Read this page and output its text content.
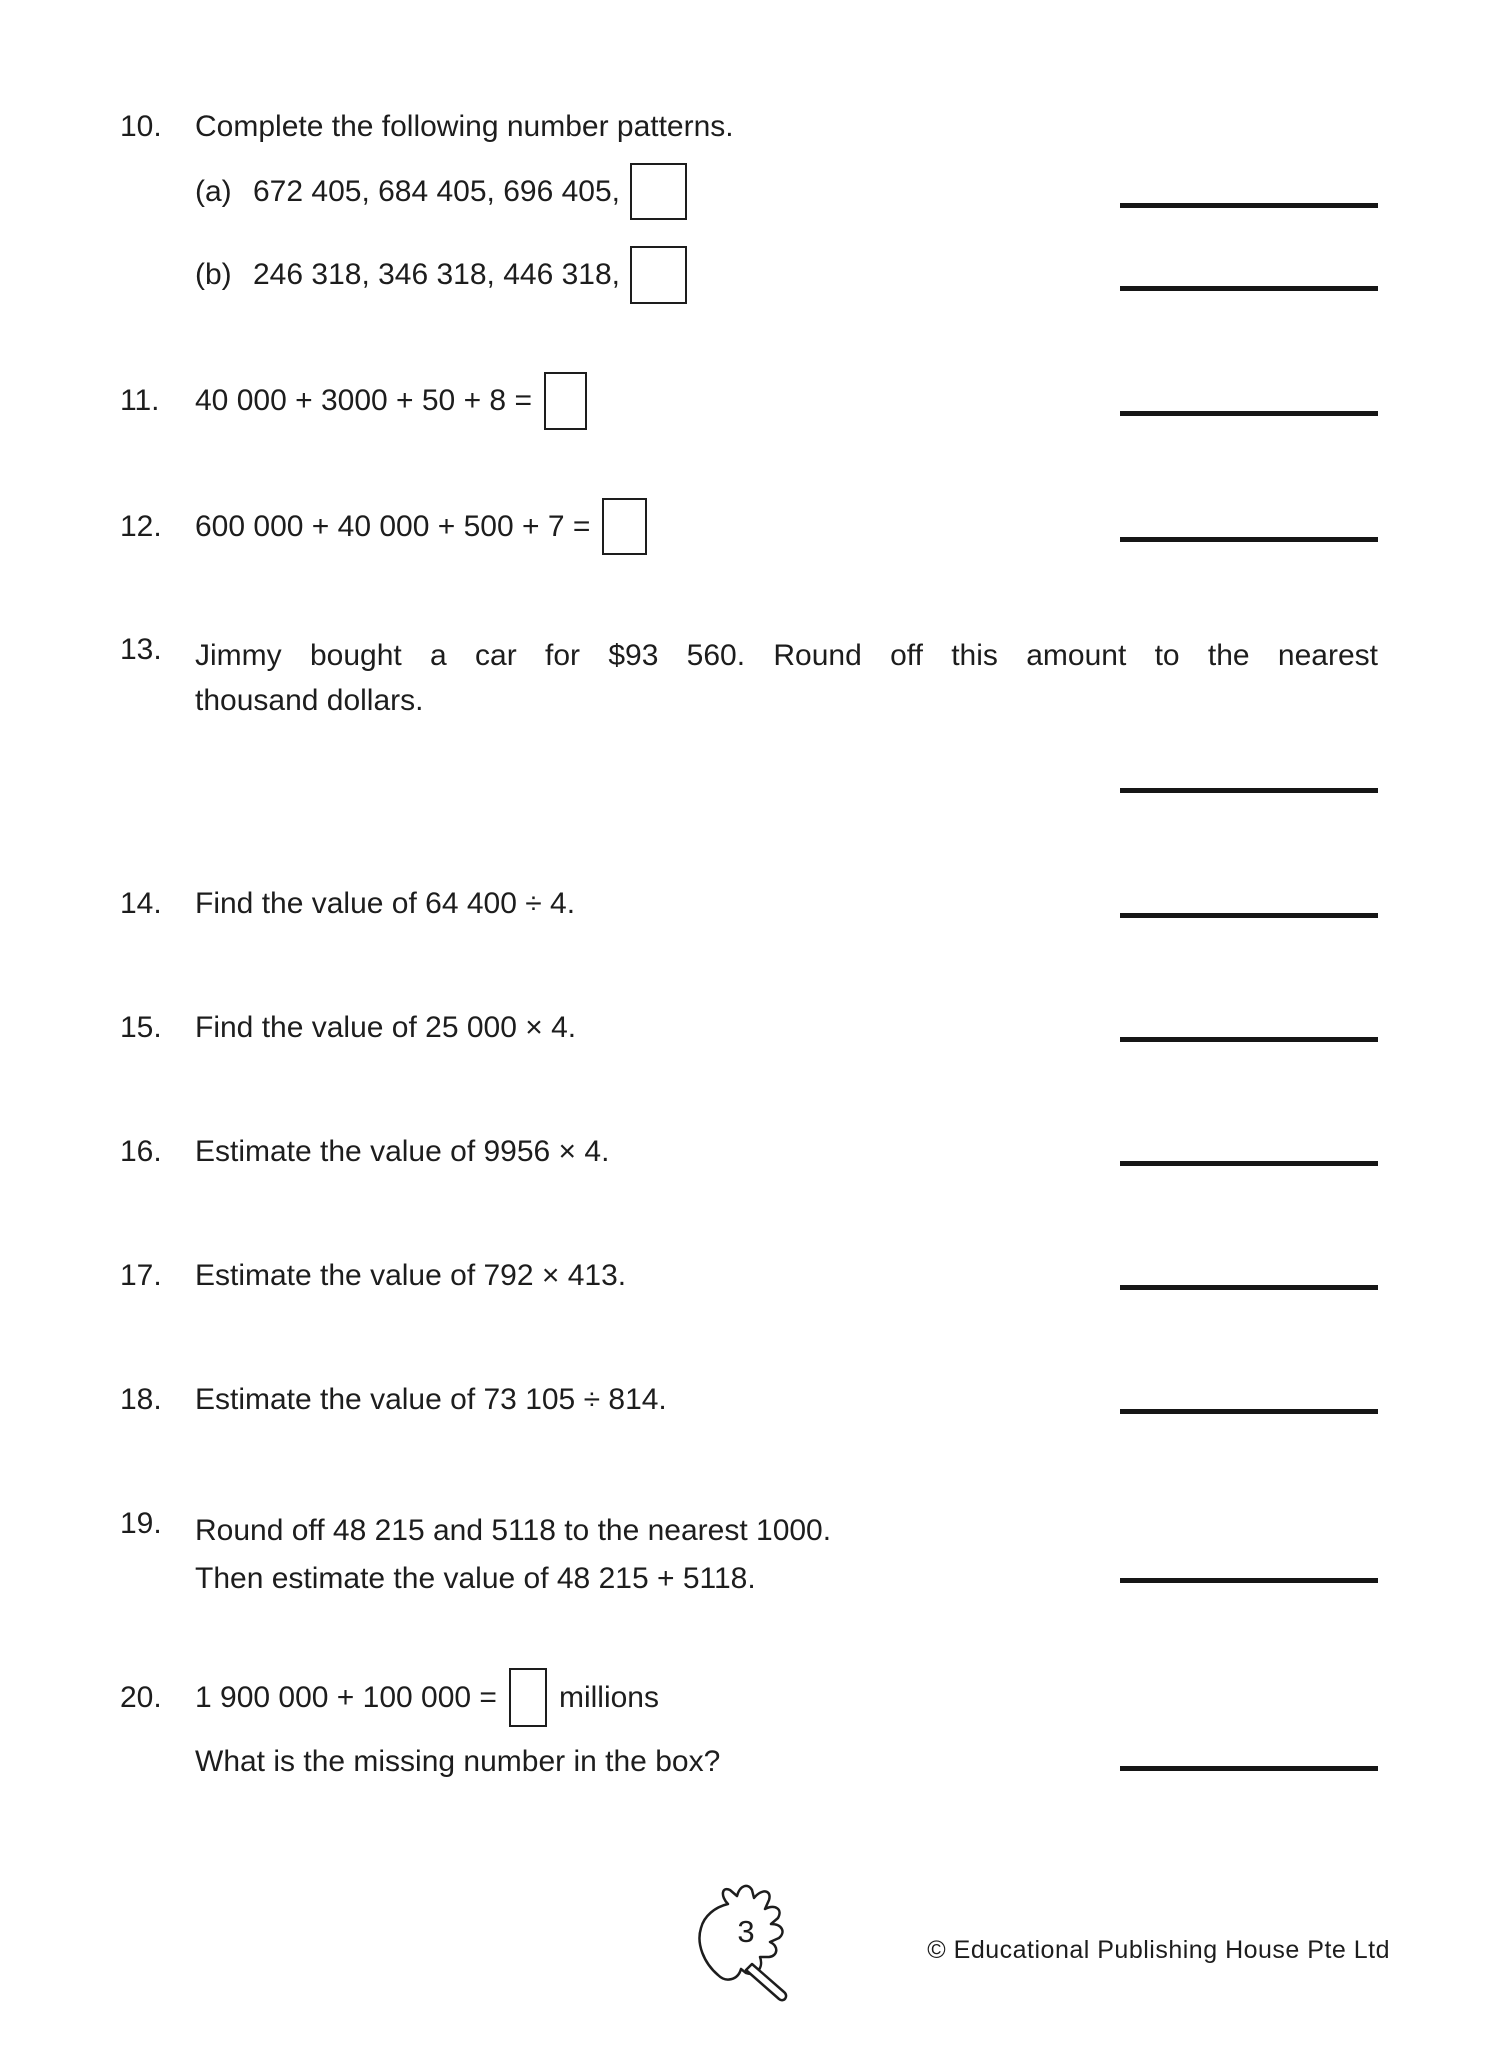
10.	Complete the following number patterns.
(a) 672 405, 684 405, 696 405,
(b) 246 318, 346 318, 446 318,
11.	40 000 + 3000 + 50 + 8 =
12.	600 000 + 40 000 + 500 + 7 =
13.	Jimmy bought a car for $93 560. Round off this amount to the nearest
thousand dollars.
14.	Find the value of 64 400 ÷ 4.
15.	Find the value of 25 000 × 4.
16.	Estimate the value of 9956 × 4.
17.	Estimate the value of 792 × 413.
18.	Estimate the value of 73 105 ÷ 814.
19.	Round off 48 215 and 5118 to the nearest 1000.
Then estimate the value of 48 215 + 5118.
20.	1 900 000 + 100 000 = millions
What is the missing number in the box?
3
© Educational Publishing House Pte Ltd
